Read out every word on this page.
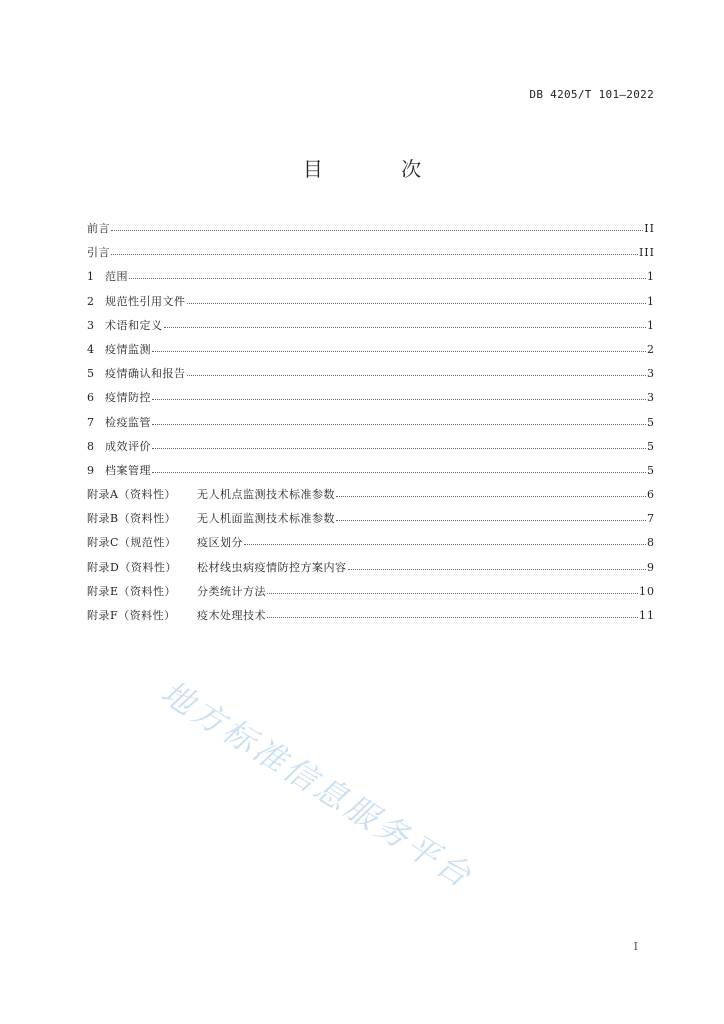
DB 4205/T 101—2022
目 次
前言	II
引言	III
1	范围	1
2	规范性引用文件	1
3	术语和定义	1
4	疫情监测	2
5	疫情确认和报告	3
6	疫情防控	3
7	检疫监管	5
8	成效评价	5
9	档案管理	5
附录A（资料性）	无人机点监测技术标准参数	6
附录B（资料性）	无人机面监测技术标准参数	7
附录C（规范性）	疫区划分	8
附录D（资料性）	松材线虫病疫情防控方案内容	9
附录E（资料性）	分类统计方法	10
附录F（资料性）	疫木处理技术	11
地方标准信息服务平台
I
